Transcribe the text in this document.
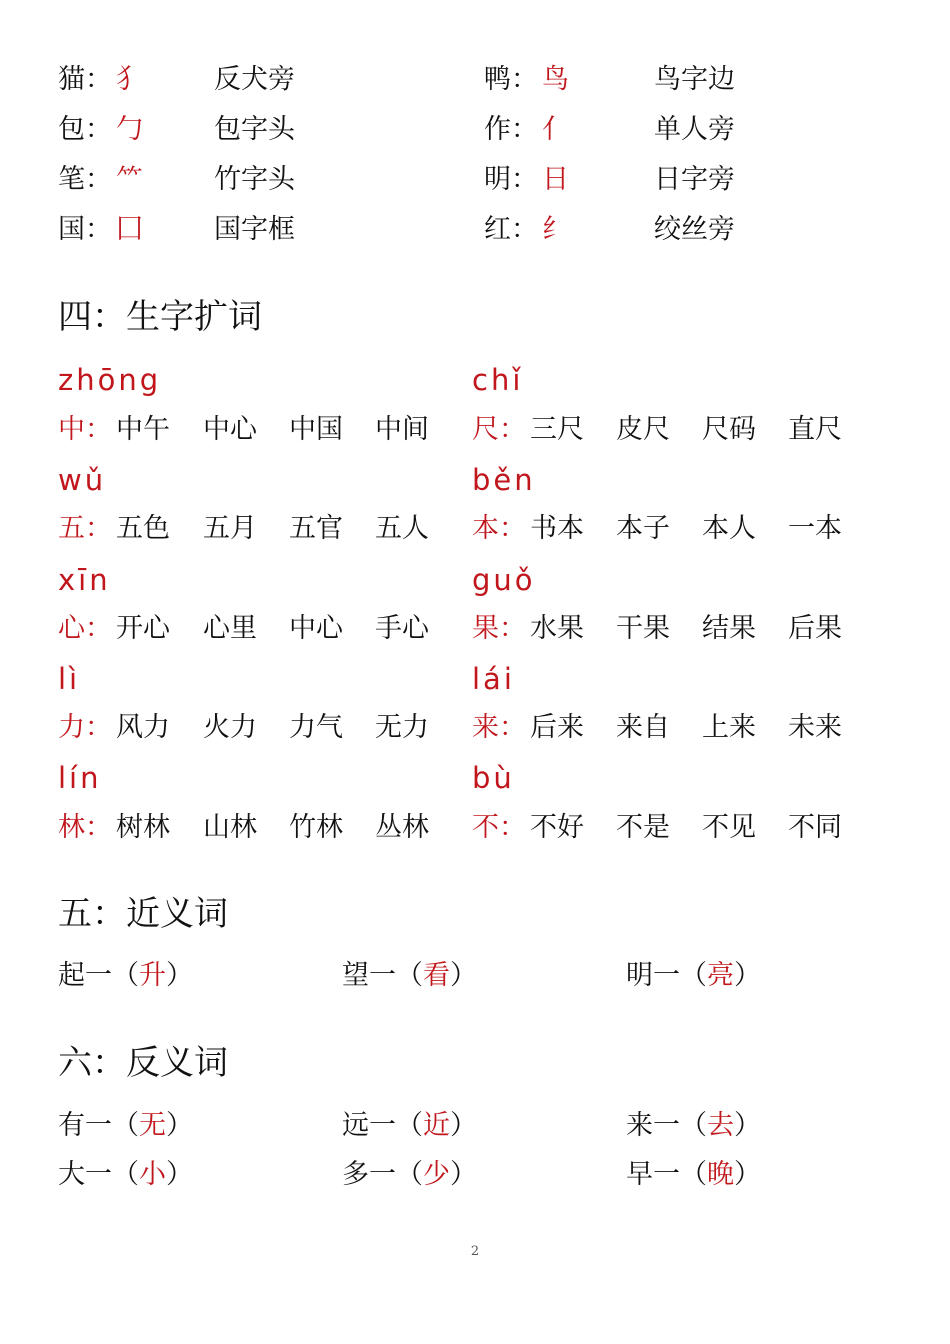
猫： 犭	反犬旁	鸭： 鸟	鸟字边
包： 勹	包字头	作： 亻	单人旁
笔： ⺮	竹字头	明： 日	日字旁
国： 囗	国字框	红： 纟	绞丝旁
四：生字扩词
zhōng	chǐ
中： 中午 中心 中国 中间 尺： 三尺 皮尺 尺码 直尺
wǔ	běn
五： 五色 五月 五官 五人 本： 书本 本子 本人 一本
xīn	guǒ
心： 开心 心里 中心 手心 果： 水果 干果 结果 后果
lì	lái
力： 风力 火力 力气 无力 来： 后来 来自 上来 未来
lín	bù
林： 树林 山林 竹林 丛林 不： 不好 不是 不见 不同
五：近义词
起一（升）	望一（看）	明一（亮）
六：反义词
有一（无）	远一（近）	来一（去）
大一（小）	多一（少）	早一（晚）
2
